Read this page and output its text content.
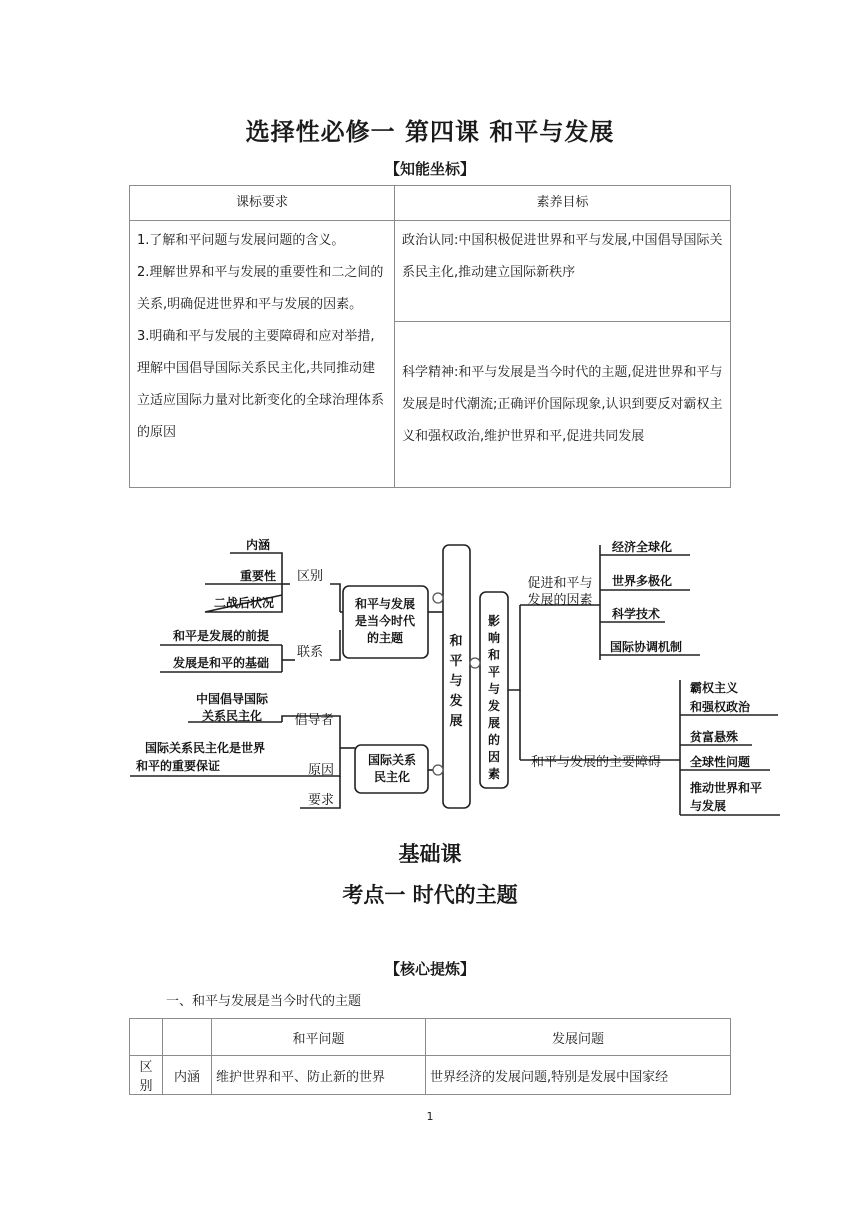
选择性必修一 第四课 和平与发展
【知能坐标】
课标要求	素养目标

1.了解和平问题与发展问题的含义。
2.理解世界和平与发展的重要性和二之间的关系,明确促进世界和平与发展的因素。
3.明确和平与发展的主要障碍和应对举措,理解中国倡导国际关系民主化,共同推动建立适应国际力量对比新变化的全球治理体系的原因	政治认同:中国积极促进世界和平与发展,中国倡导国际关系民主化,推动建立国际新秩序
	科学精神:和平与发展是当今时代的主题,促进世界和平与发展是时代潮流;正确评价国际现象,认识到要反对霸权主义和强权政治,维护世界和平,促进共同发展
内涵
重要性
二战后状况
区别
和平是发展的前提
发展是和平的基础
联系
中国倡导国际
关系民主化 倡导者
国际关系民主化是世界
和平的重要保证	原因
要求
和平与发展
是当今时代
的主题
国际关系
民主化
和
平
与
发
展
影
响
和
平
与
发
展
的
因
素
促进和平与
发展的因素
和平与发展的主要障碍
经济全球化
世界多极化
科学技术
国际协调机制
霸权主义
和强权政治
贫富悬殊
全球性问题
推动世界和平
与发展
基础课
考点一 时代的主题
【核心提炼】
一、和平与发展是当今时代的主题
		和平问题	发展问题
区别	内涵	维护世界和平、防止新的世界	世界经济的发展问题,特别是发展中国家经
1
